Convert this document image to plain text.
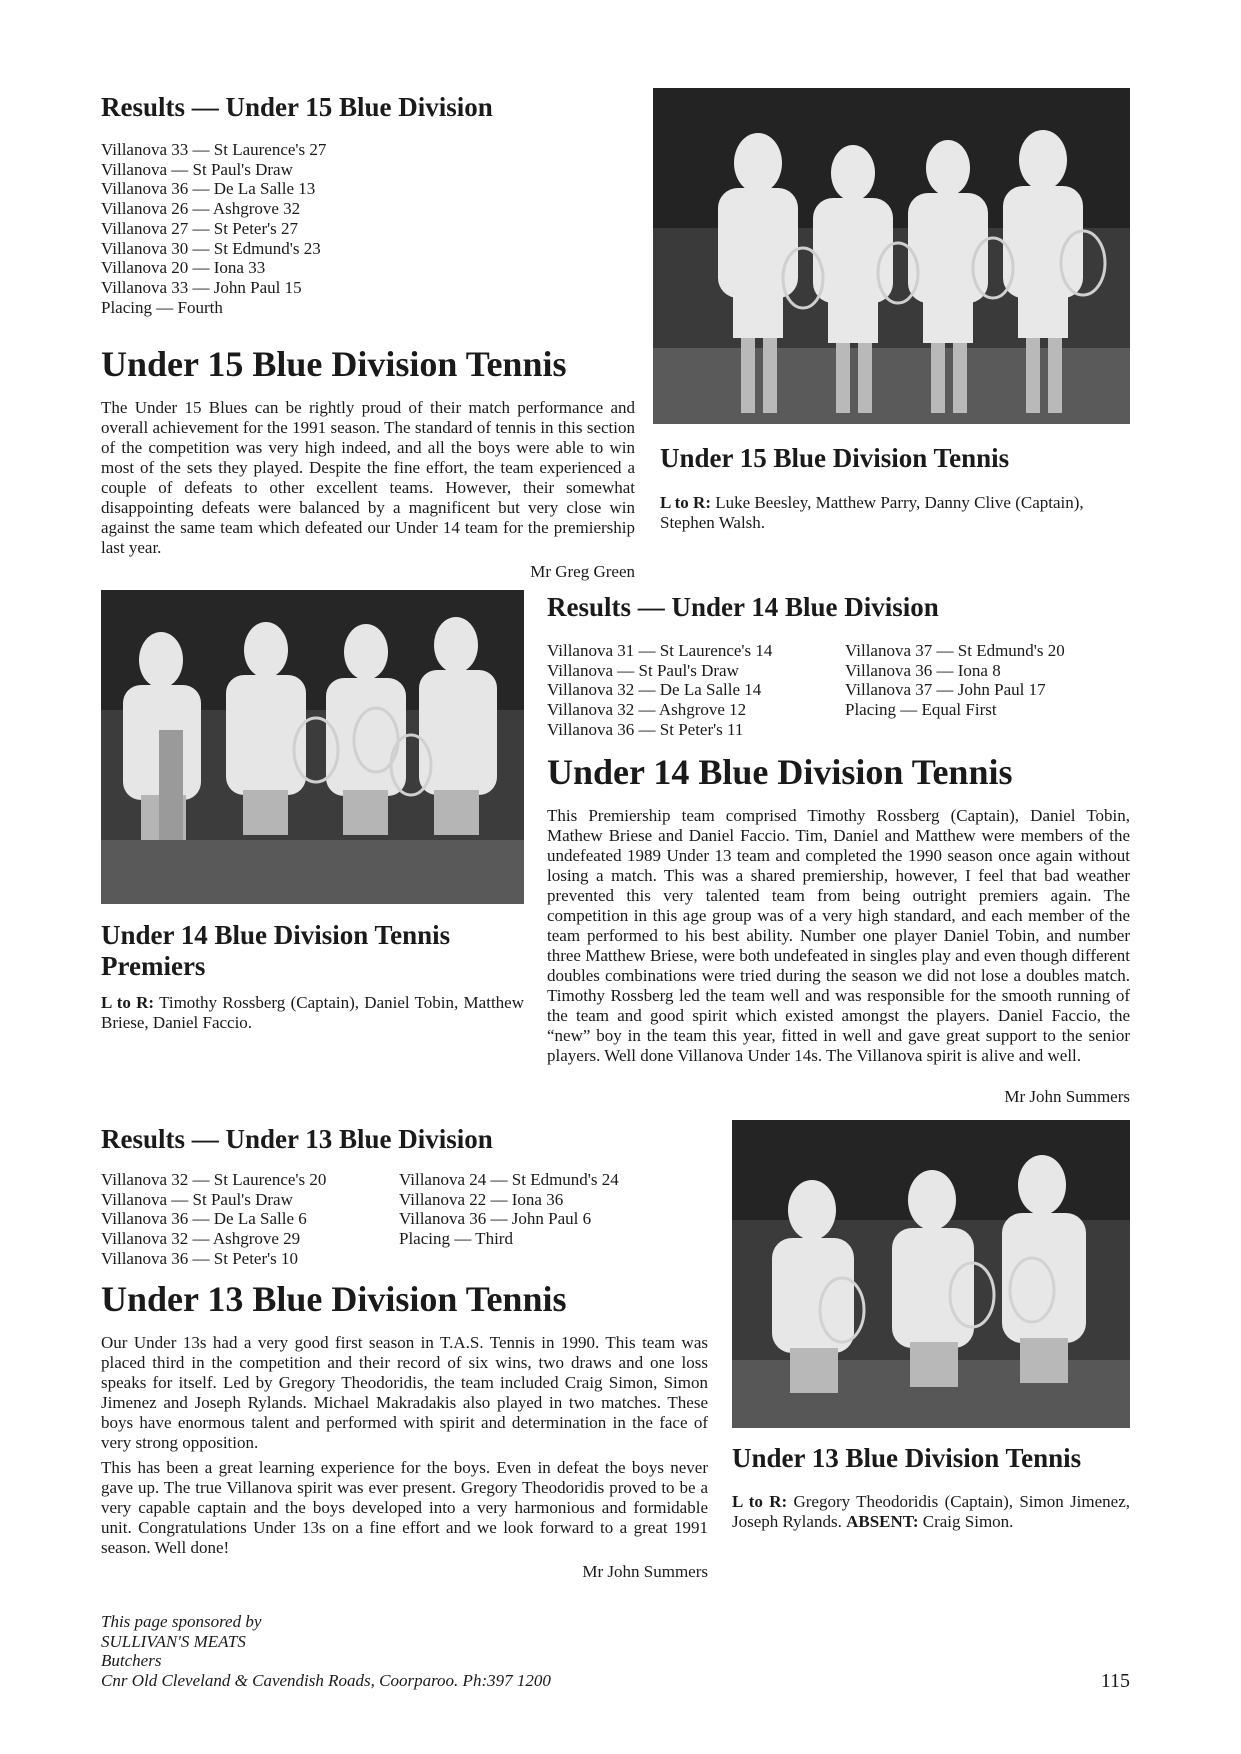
Results — Under 15 Blue Division
Villanova 33 — St Laurence's 27
Villanova — St Paul's Draw
Villanova 36 — De La Salle 13
Villanova 26 — Ashgrove 32
Villanova 27 — St Peter's 27
Villanova 30 — St Edmund's 23
Villanova 20 — Iona 33
Villanova 33 — John Paul 15
Placing — Fourth
Under 15 Blue Division Tennis

The Under 15 Blues can be rightly proud of their match performance and overall achievement for the 1991 season. The standard of tennis in this section of the competition was very high indeed, and all the boys were able to win most of the sets they played. Despite the fine effort, the team experienced a couple of defeats to other excellent teams. However, their somewhat disappointing defeats were balanced by a magnificent but very close win against the same team which defeated our Under 14 team for the premiership last year.

Mr Greg Green

Under 15 Blue Division Tennis

L to R: Luke Beesley, Matthew Parry, Danny Clive (Captain), Stephen Walsh.

Under 14 Blue Division Tennis Premiers

L to R: Timothy Rossberg (Captain), Daniel Tobin, Matthew Briese, Daniel Faccio.

Results — Under 14 Blue Division
Villanova 31 — St Laurence's 14
Villanova — St Paul's Draw
Villanova 32 — De La Salle 14
Villanova 32 — Ashgrove 12
Villanova 36 — St Peter's 11
Villanova 37 — St Edmund's 20
Villanova 36 — Iona 8
Villanova 37 — John Paul 17
Placing — Equal First
Under 14 Blue Division Tennis

This Premiership team comprised Timothy Rossberg (Captain), Daniel Tobin, Mathew Briese and Daniel Faccio. Tim, Daniel and Matthew were members of the undefeated 1989 Under 13 team and completed the 1990 season once again without losing a match. This was a shared premiership, however, I feel that bad weather prevented this very talented team from being outright premiers again. The competition in this age group was of a very high standard, and each member of the team performed to his best ability. Number one player Daniel Tobin, and number three Matthew Briese, were both undefeated in singles play and even though different doubles combinations were tried during the season we did not lose a doubles match. Timothy Rossberg led the team well and was responsible for the smooth running of the team and good spirit which existed amongst the players. Daniel Faccio, the “new” boy in the team this year, fitted in well and gave great support to the senior players. Well done Villanova Under 14s. The Villanova spirit is alive and well.

Mr John Summers

Results — Under 13 Blue Division
Villanova 32 — St Laurence's 20
Villanova — St Paul's Draw
Villanova 36 — De La Salle 6
Villanova 32 — Ashgrove 29
Villanova 36 — St Peter's 10
Villanova 24 — St Edmund's 24
Villanova 22 — Iona 36
Villanova 36 — John Paul 6
Placing — Third
Under 13 Blue Division Tennis

Our Under 13s had a very good first season in T.A.S. Tennis in 1990. This team was placed third in the competition and their record of six wins, two draws and one loss speaks for itself. Led by Gregory Theodoridis, the team included Craig Simon, Simon Jimenez and Joseph Rylands. Michael Makradakis also played in two matches. These boys have enormous talent and performed with spirit and determination in the face of very strong opposition.

This has been a great learning experience for the boys. Even in defeat the boys never gave up. The true Villanova spirit was ever present. Gregory Theodoridis proved to be a very capable captain and the boys developed into a very harmonious and formidable unit. Congratulations Under 13s on a fine effort and we look forward to a great 1991 season. Well done!

Mr John Summers

Under 13 Blue Division Tennis

L to R: Gregory Theodoridis (Captain), Simon Jimenez, Joseph Rylands. ABSENT: Craig Simon.

This page sponsored by
SULLIVAN'S MEATS
Butchers
Cnr Old Cleveland & Cavendish Roads, Coorparoo. Ph:397 1200	115
